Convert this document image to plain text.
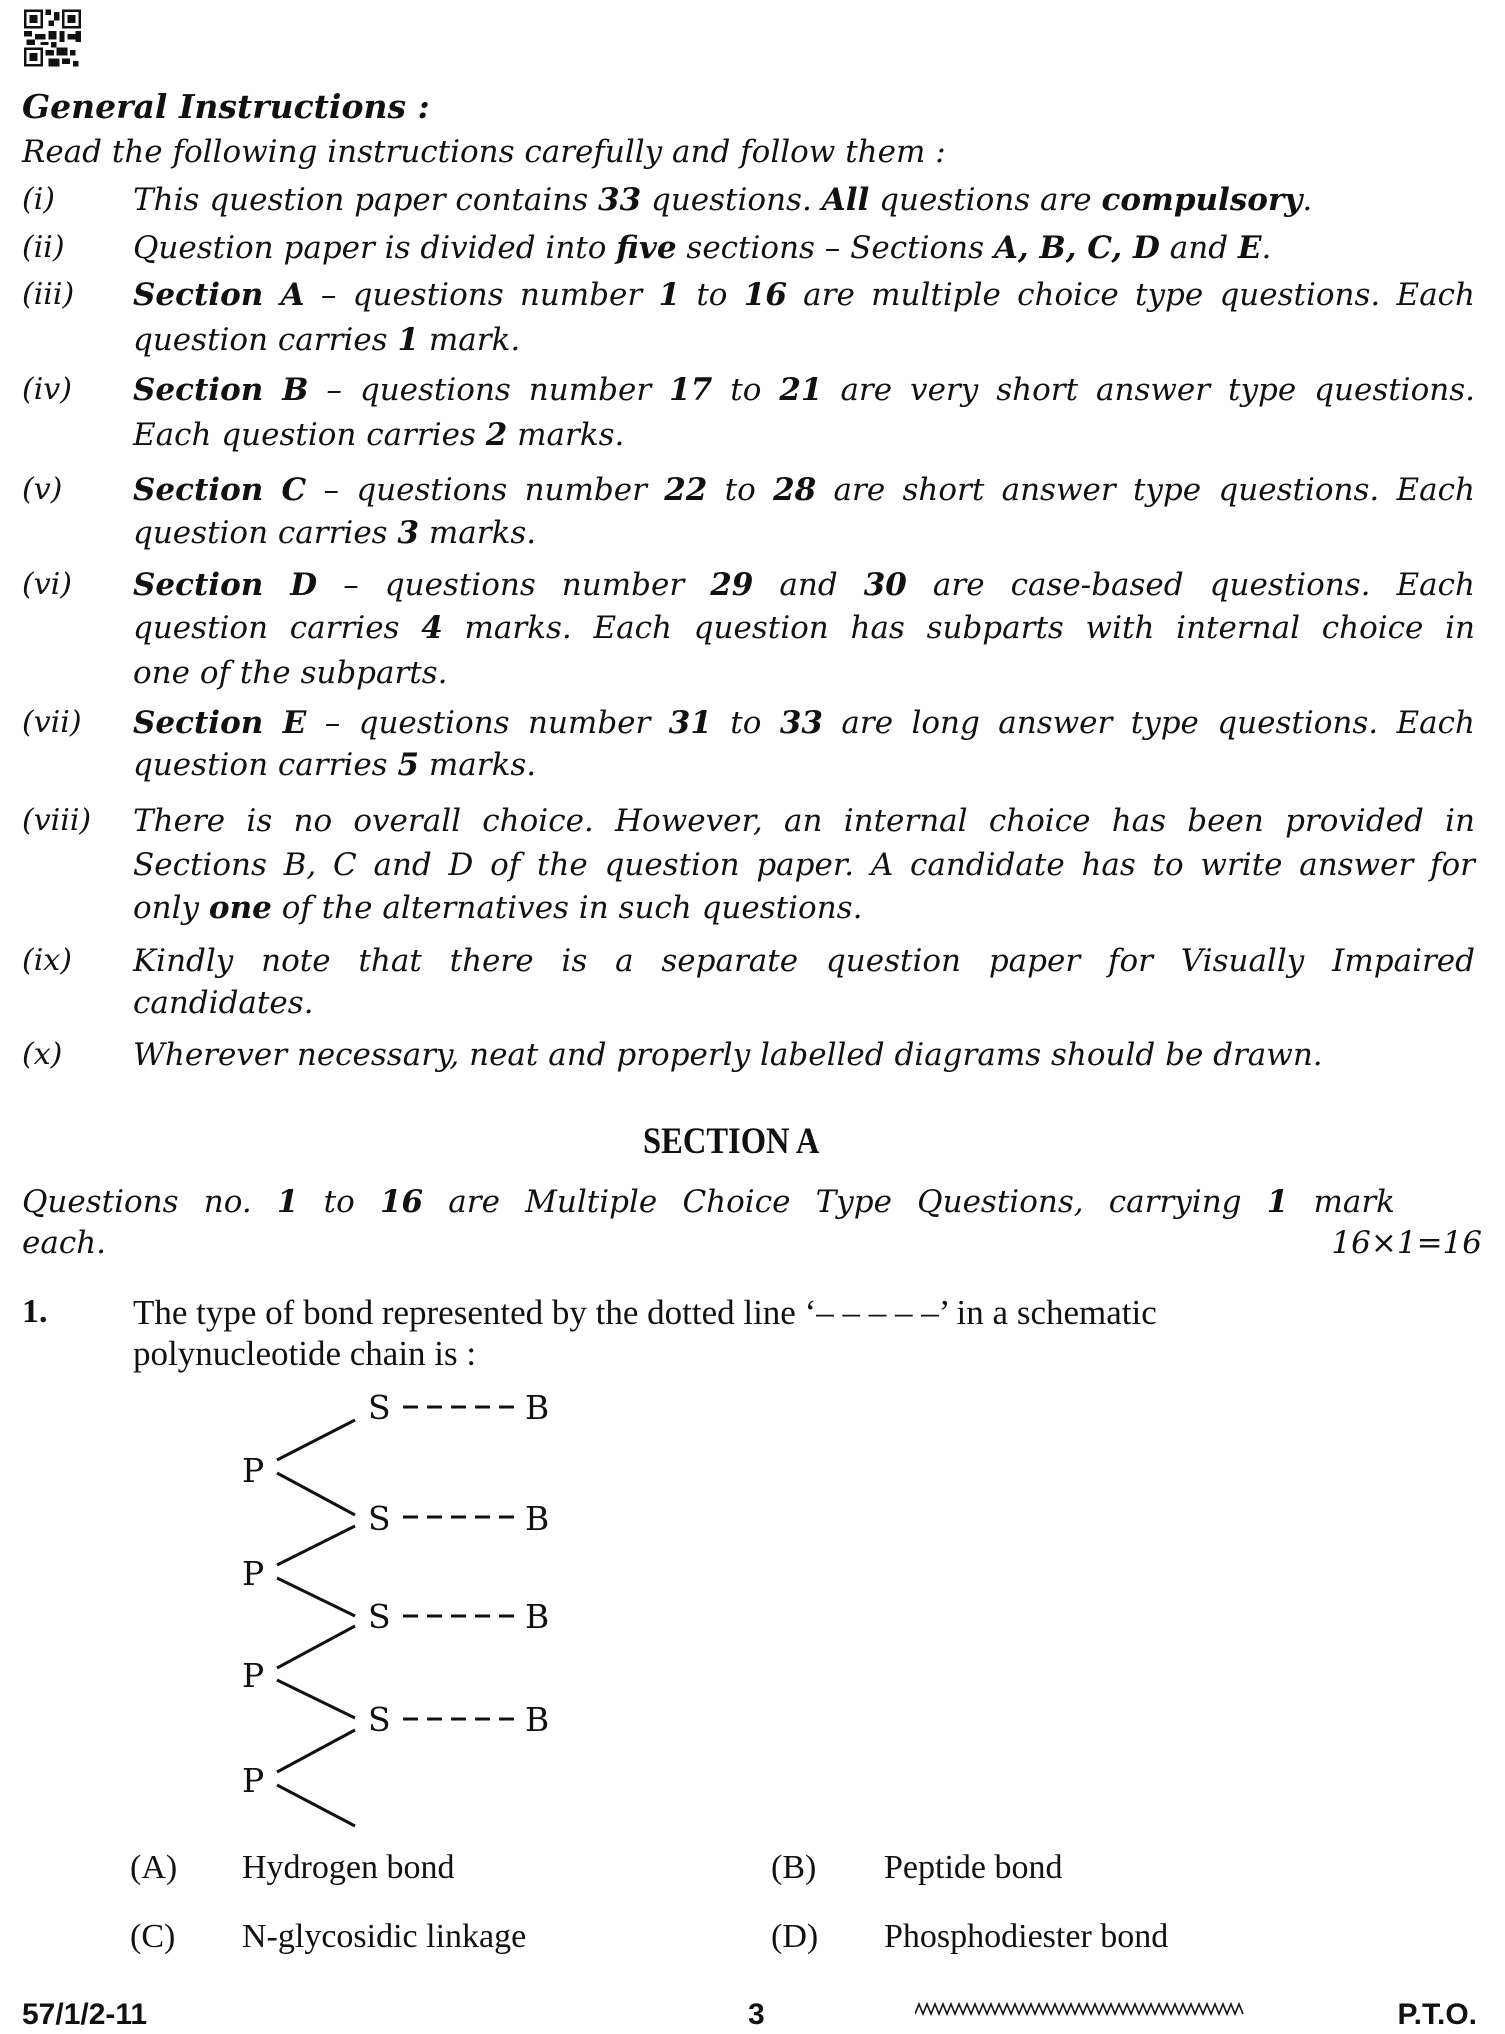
General Instructions :
Read the following instructions carefully and follow them :
(i)	This question paper contains 33 questions. All questions are compulsory.
(ii) Question paper is divided into five sections – Sections A, B, C, D and E.
(iii) Section A – questions number 1 to 16 are multiple choice type questions. Each
question carries 1 mark.
(iv) Section B – questions number 17 to 21 are very short answer type questions.
Each question carries 2 marks.
(v) Section C – questions number 22 to 28 are short answer type questions. Each
question carries 3 marks.
(vi) Section D – questions number 29 and 30 are case-based questions. Each
question carries 4 marks. Each question has subparts with internal choice in
one of the subparts.
(vii) Section E – questions number 31 to 33 are long answer type questions. Each
question carries 5 marks.
(viii) There is no overall choice. However, an internal choice has been provided in
Sections B, C and D of the question paper. A candidate has to write answer for
only one of the alternatives in such questions.
(ix) Kindly note that there is a separate question paper for Visually Impaired
candidates.
(x) Wherever necessary, neat and properly labelled diagrams should be drawn.
SECTION A
Questions no. 1 to 16 are Multiple Choice Type Questions, carrying 1 mark
each.	16×1=16
1. The type of bond represented by the dotted line ‘– – – – –’ in a schematic
polynucleotide chain is :
S
S
S
S
B
B
B
B
P
P
P
P
(A) Hydrogen bond	(B) Peptide bond
(C) N-glycosidic linkage	(D) Phosphodiester bond
57/1/2-11	3	P.T.O.
